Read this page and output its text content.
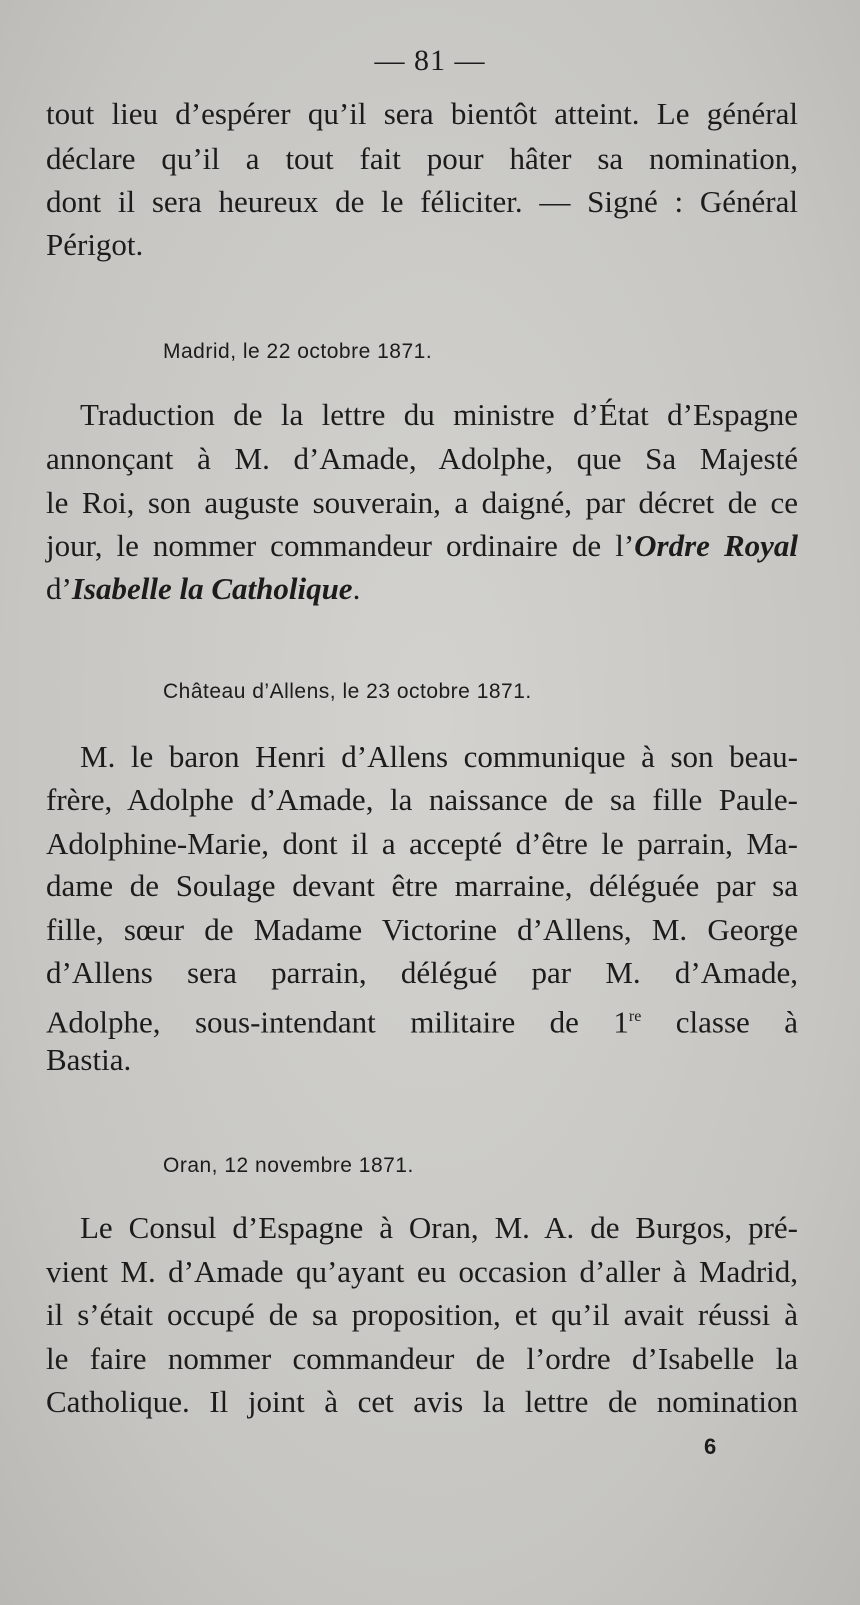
— 81 —
tout lieu d’espérer qu’il sera bientôt atteint. Le général
déclare qu’il a tout fait pour hâter sa nomination,
dont il sera heureux de le féliciter. — Signé : Général
Périgot.
Madrid, le 22 octobre 1871.
Traduction de la lettre du ministre d’État d’Espagne
annonçant à M. d’Amade, Adolphe, que Sa Majesté
le Roi, son auguste souverain, a daigné, par décret de ce
jour, le nommer commandeur ordinaire de l’Ordre Royal
d’Isabelle la Catholique.
Château d’Allens, le 23 octobre 1871.
M. le baron Henri d’Allens communique à son beau-
frère, Adolphe d’Amade, la naissance de sa fille Paule-
Adolphine-Marie, dont il a accepté d’être le parrain, Ma-
dame de Soulage devant être marraine, déléguée par sa
fille, sœur de Madame Victorine d’Allens, M. George
d’Allens sera parrain, délégué par M. d’Amade,
Adolphe, sous-intendant militaire de 1re classe à
Bastia.
Oran, 12 novembre 1871.
Le Consul d’Espagne à Oran, M. A. de Burgos, pré-
vient M. d’Amade qu’ayant eu occasion d’aller à Madrid,
il s’était occupé de sa proposition, et qu’il avait réussi à
le faire nommer commandeur de l’ordre d’Isabelle la
Catholique. Il joint à cet avis la lettre de nomination
6
